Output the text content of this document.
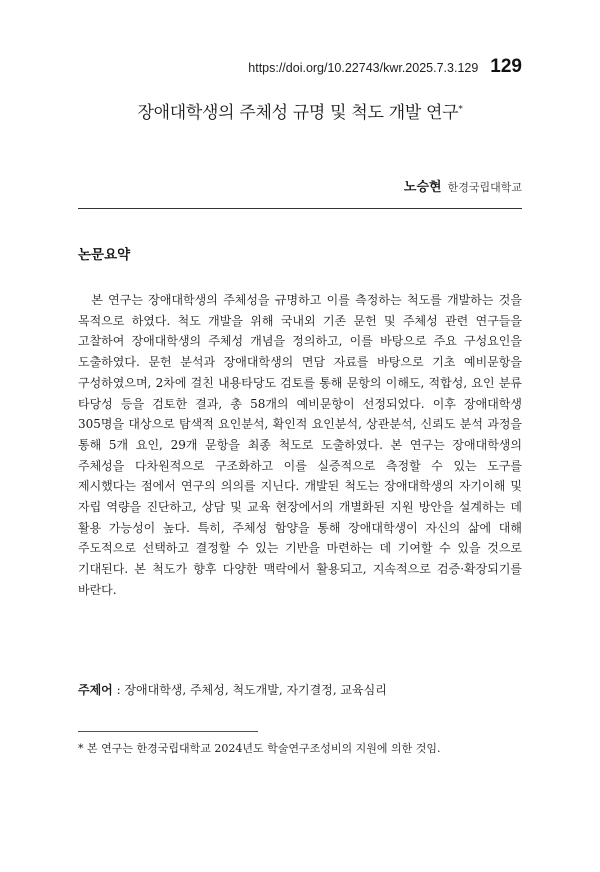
https://doi.org/10.22743/kwr.2025.7.3.129 129
장애대학생의 주체성 규명 및 척도 개발 연구*
노승현 한경국립대학교
논문요약

본 연구는 장애대학생의 주체성을 규명하고 이를 측정하는 척도를 개발하는 것을 목적으로 하였다. 척도 개발을 위해 국내외 기존 문헌 및 주체성 관련 연구들을 고찰하여 장애대학생의 주체성 개념을 정의하고, 이를 바탕으로 주요 구성요인을 도출하였다. 문헌 분석과 장애대학생의 면담 자료를 바탕으로 기초 예비문항을 구성하였으며, 2차에 걸친 내용타당도 검토를 통해 문항의 이해도, 적합성, 요인 분류 타당성 등을 검토한 결과, 총 58개의 예비문항이 선정되었다. 이후 장애대학생 305명을 대상으로 탐색적 요인분석, 확인적 요인분석, 상관분석, 신뢰도 분석 과정을 통해 5개 요인, 29개 문항을 최종 척도로 도출하였다. 본 연구는 장애대학생의 주체성을 다차원적으로 구조화하고 이를 실증적으로 측정할 수 있는 도구를 제시했다는 점에서 연구의 의의를 지닌다. 개발된 척도는 장애대학생의 자기이해 및 자립 역량을 진단하고, 상담 및 교육 현장에서의 개별화된 지원 방안을 설계하는 데 활용 가능성이 높다. 특히, 주체성 함양을 통해 장애대학생이 자신의 삶에 대해 주도적으로 선택하고 결정할 수 있는 기반을 마련하는 데 기여할 수 있을 것으로 기대된다. 본 척도가 향후 다양한 맥락에서 활용되고, 지속적으로 검증·확장되기를 바란다.

주제어 : 장애대학생, 주체성, 척도개발, 자기결정, 교육심리
* 본 연구는 한경국립대학교 2024년도 학술연구조성비의 지원에 의한 것임.
